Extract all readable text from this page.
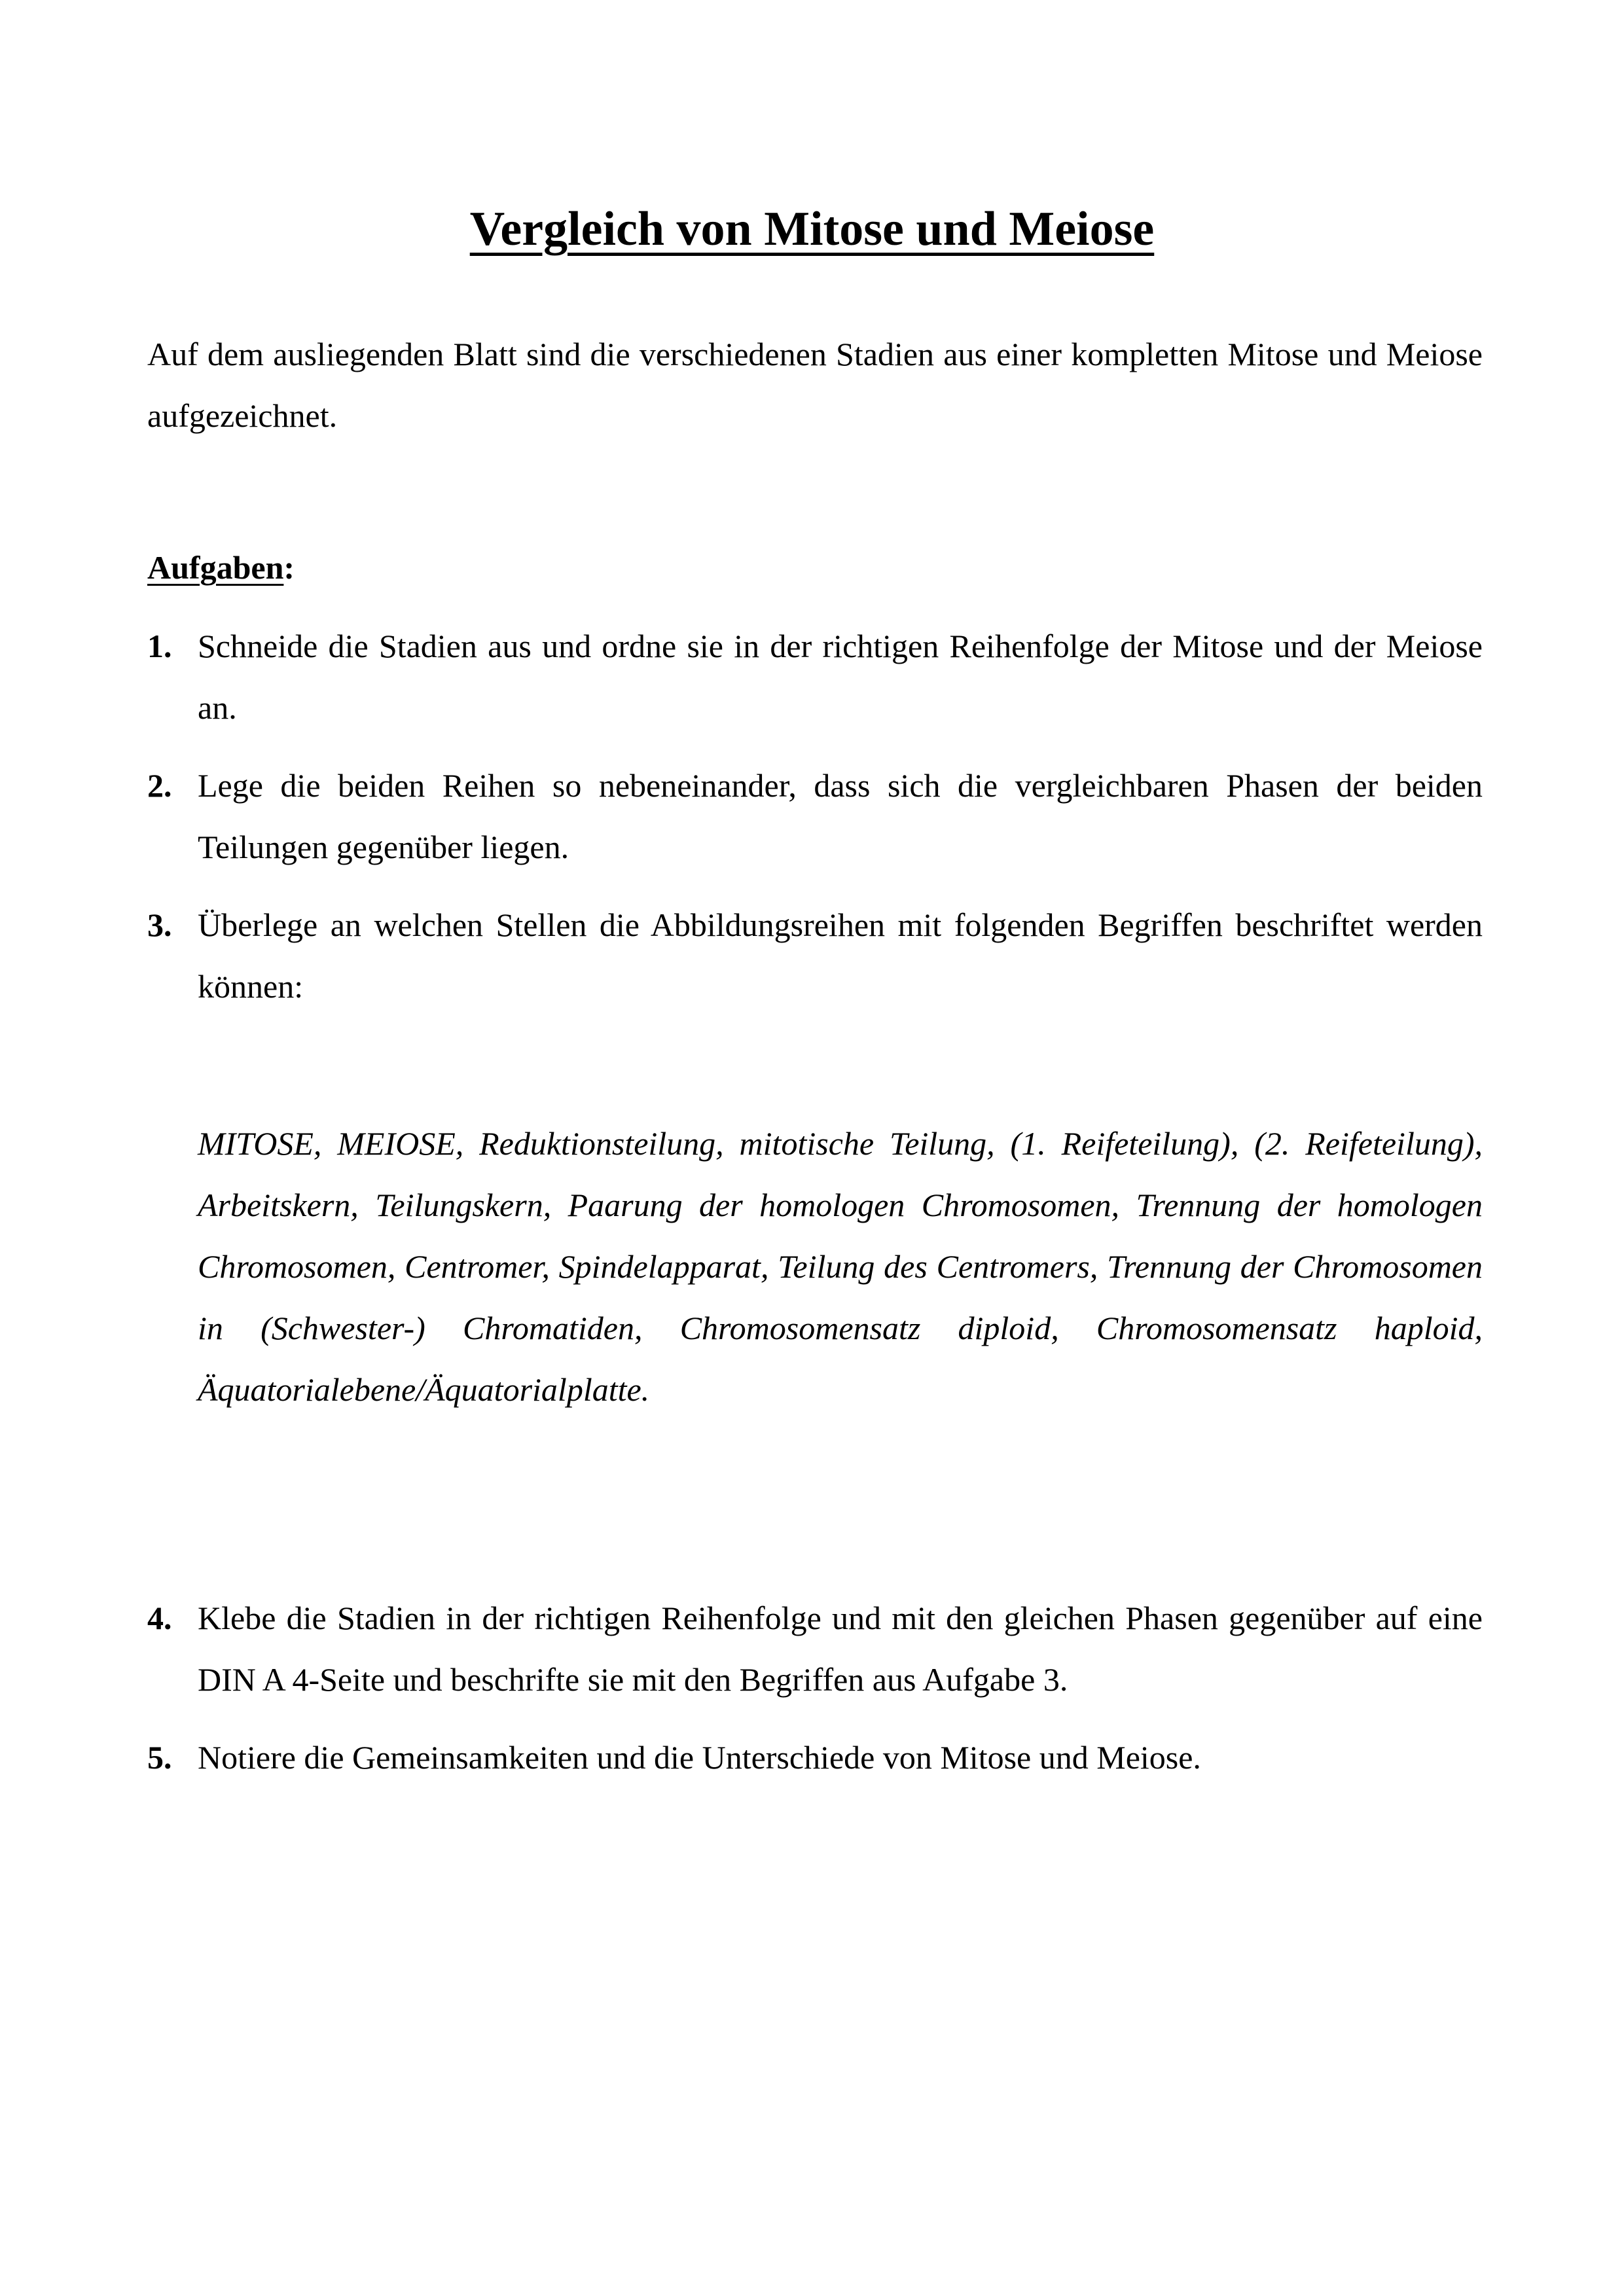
Vergleich von Mitose und Meiose

Auf dem ausliegenden Blatt sind die verschiedenen Stadien aus einer kompletten Mitose und Meiose aufgezeichnet.

Aufgaben:

1. Schneide die Stadien aus und ordne sie in der richtigen Reihenfolge der Mitose und der Meiose an.
2. Lege die beiden Reihen so nebeneinander, dass sich die vergleichbaren Phasen der beiden Teilungen gegenüber liegen.
3. Überlege an welchen Stellen die Abbildungsreihen mit folgenden Begriffen beschriftet werden können:

MITOSE, MEIOSE, Reduktionsteilung, mitotische Teilung, (1. Reifeteilung), (2. Reifeteilung), Arbeitskern, Teilungskern, Paarung der homologen Chromosomen, Trennung der homologen Chromosomen, Centromer, Spindelapparat, Teilung des Centromers, Trennung der Chromosomen in (Schwester-) Chromatiden, Chromosomensatz diploid, Chromosomensatz haploid, Äquatorialebene/Äquatorialplatte.

4. Klebe die Stadien in der richtigen Reihenfolge und mit den gleichen Phasen gegenüber auf eine DIN A 4-Seite und beschrifte sie mit den Begriffen aus Aufgabe 3.
5. Notiere die Gemeinsamkeiten und die Unterschiede von Mitose und Meiose.
